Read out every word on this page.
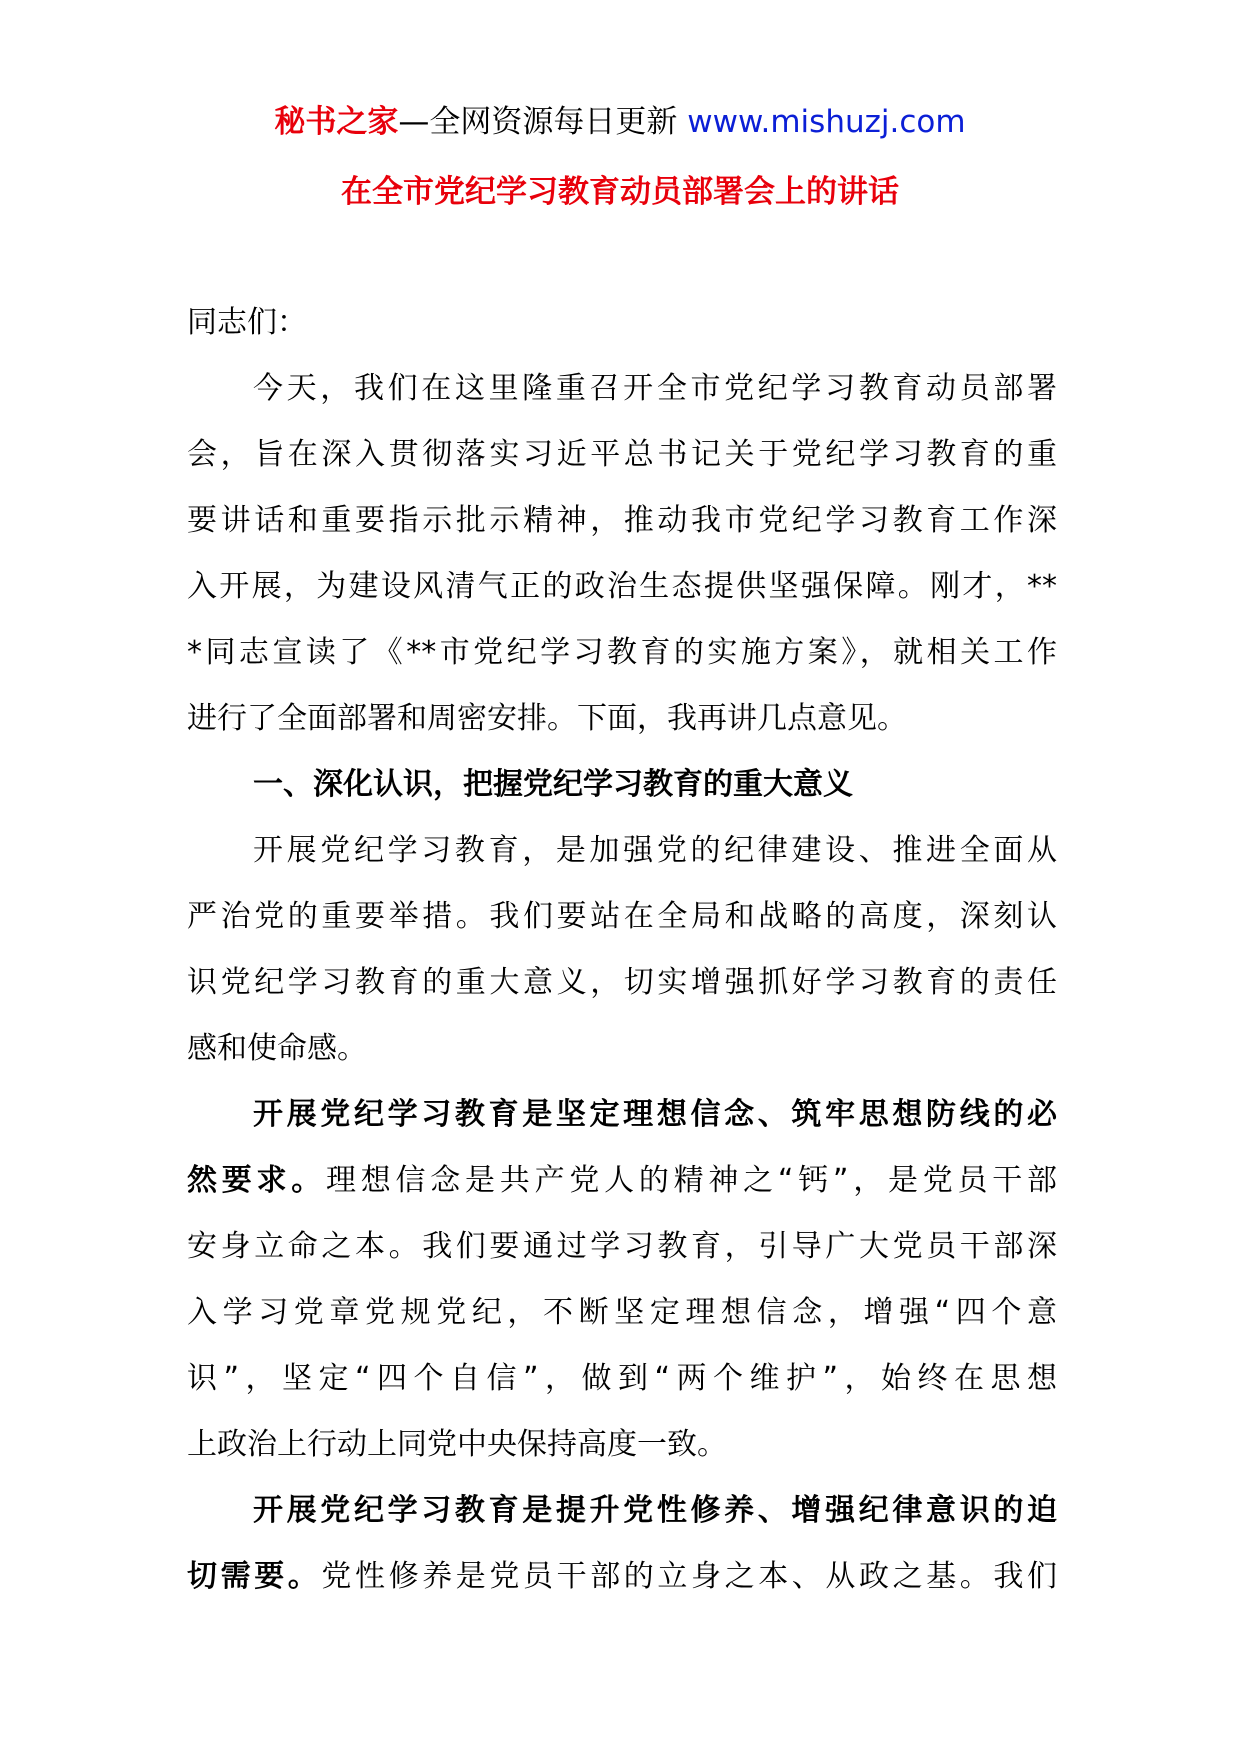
秘书之家—全网资源每日更新 www.mishuzj.com
在全市党纪学习教育动员部署会上的讲话
同志们：
今天，我们在这里隆重召开全市党纪学习教育动员部署
会，旨在深入贯彻落实习近平总书记关于党纪学习教育的重
要讲话和重要指示批示精神，推动我市党纪学习教育工作深
入开展，为建设风清气正的政治生态提供坚强保障。刚才，**
*同志宣读了《**市党纪学习教育的实施方案》，就相关工作
进行了全面部署和周密安排。下面，我再讲几点意见。
一、深化认识，把握党纪学习教育的重大意义
开展党纪学习教育，是加强党的纪律建设、推进全面从
严治党的重要举措。我们要站在全局和战略的高度，深刻认
识党纪学习教育的重大意义，切实增强抓好学习教育的责任
感和使命感。
开展党纪学习教育是坚定理想信念、筑牢思想防线的必
然要求。理想信念是共产党人的精神之“钙”，是党员干部
安身立命之本。我们要通过学习教育，引导广大党员干部深
入学习党章党规党纪，不断坚定理想信念，增强“四个意
识”，坚定“四个自信”，做到“两个维护”，始终在思想
上政治上行动上同党中央保持高度一致。
开展党纪学习教育是提升党性修养、增强纪律意识的迫
切需要。党性修养是党员干部的立身之本、从政之基。我们
